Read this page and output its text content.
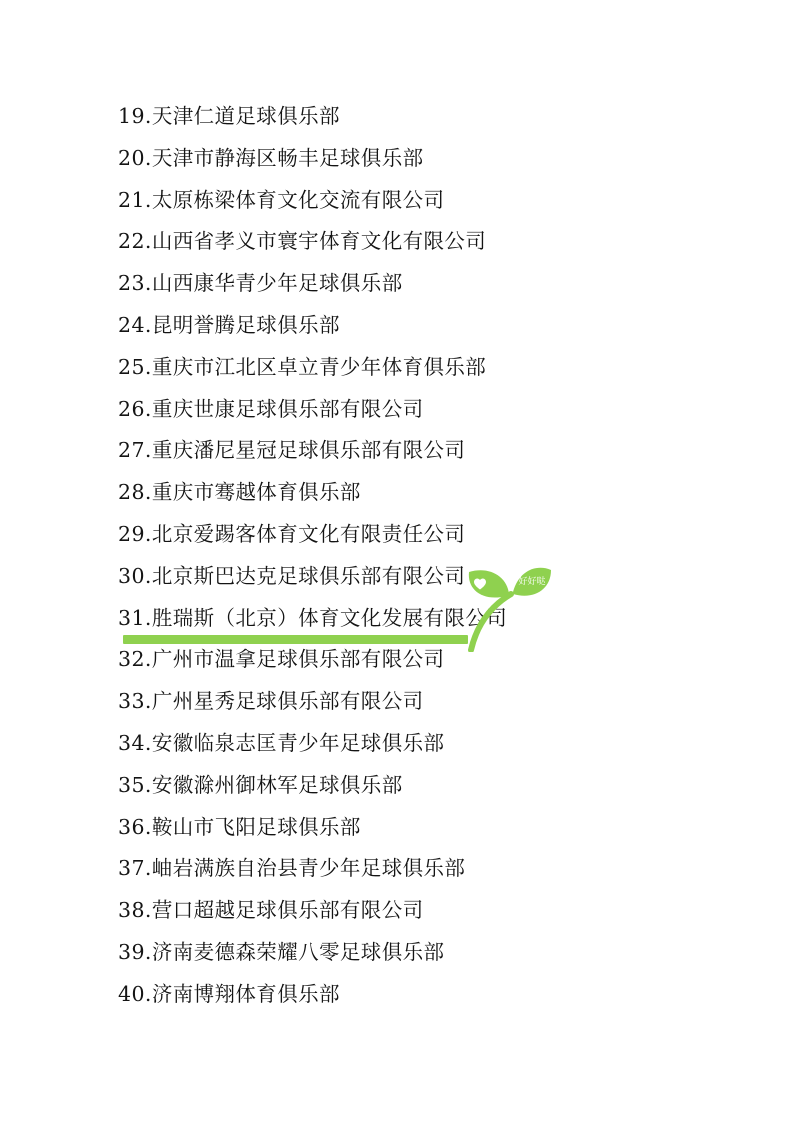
19.天津仁道足球俱乐部
20.天津市静海区畅丰足球俱乐部
21.太原栋梁体育文化交流有限公司
22.山西省孝义市寰宇体育文化有限公司
23.山西康华青少年足球俱乐部
24.昆明誉腾足球俱乐部
25.重庆市江北区卓立青少年体育俱乐部
26.重庆世康足球俱乐部有限公司
27.重庆潘尼星冠足球俱乐部有限公司
28.重庆市骞越体育俱乐部
29.北京爱踢客体育文化有限责任公司
30.北京斯巴达克足球俱乐部有限公司
31.胜瑞斯（北京）体育文化发展有限公司
32.广州市温拿足球俱乐部有限公司
33.广州星秀足球俱乐部有限公司
34.安徽临泉志匡青少年足球俱乐部
35.安徽滁州御林军足球俱乐部
36.鞍山市飞阳足球俱乐部
37.岫岩满族自治县青少年足球俱乐部
38.营口超越足球俱乐部有限公司
39.济南麦德森荣耀八零足球俱乐部
40.济南博翔体育俱乐部
好好哒
